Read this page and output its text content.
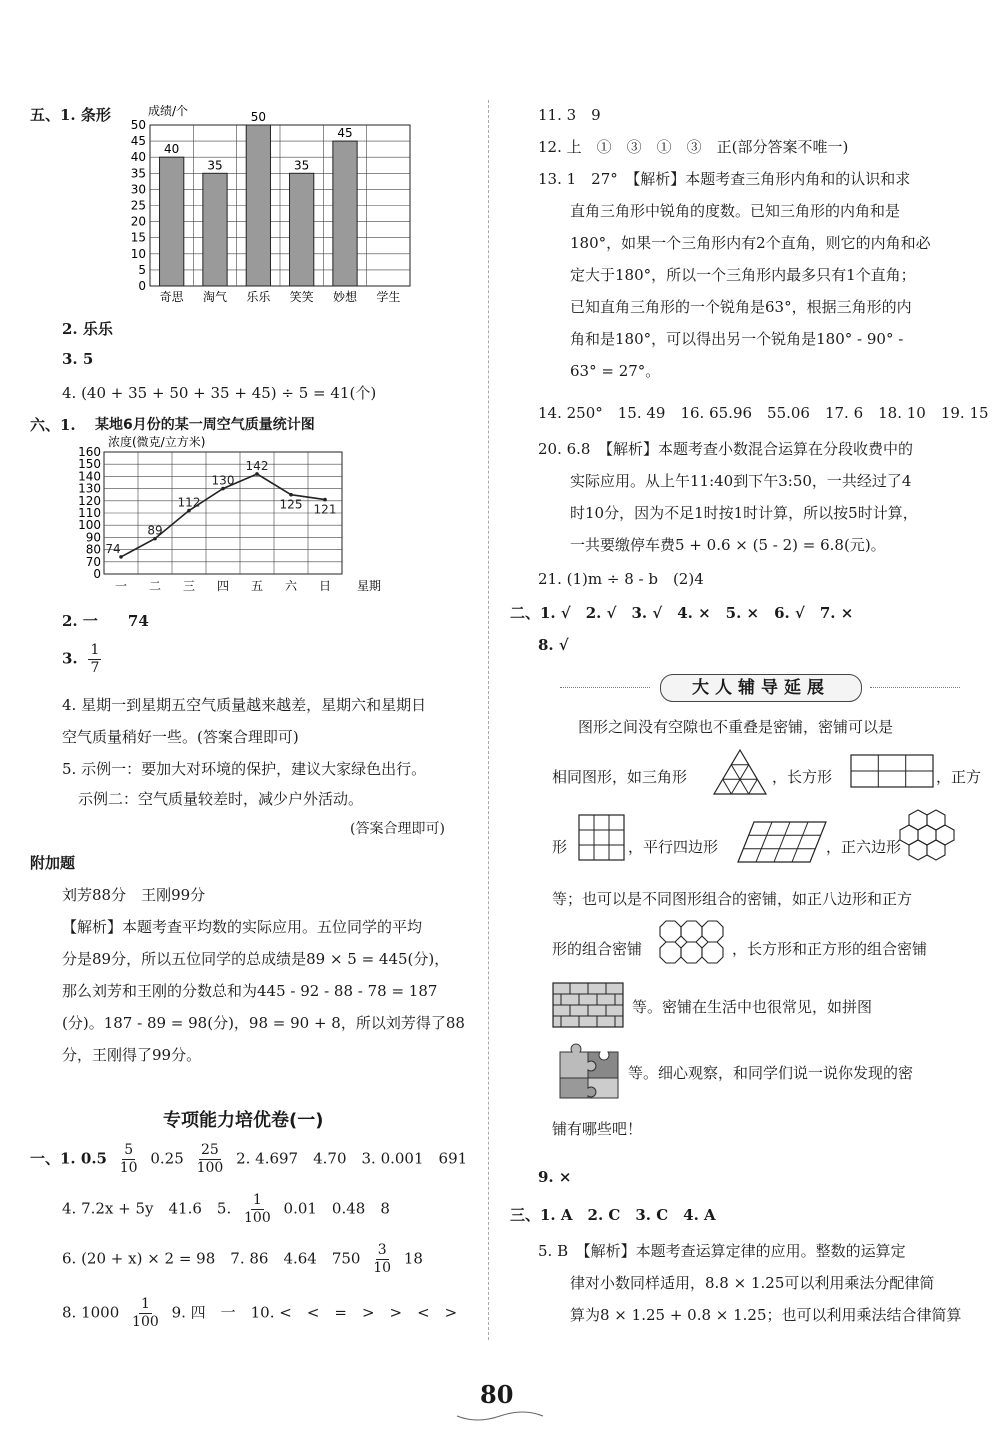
五、1. 条形	成绩/个
50
45
40
35
30
25
20
15
10
5
0
奇思 淘气 乐乐 笑笑 妙想 学生
40
35
50
35
45
2. 乐乐
3. 5
4. (40 + 35 + 50 + 35 + 45) ÷ 5 = 41(个)
六、1. 某地6月份的某一周空气质量统计图
浓度(微克/立方米)
160
150
140
130
120
110
100
90
80
70
0
一 二 三 四 五 六 日 星期
74
89
112
130
142
125 121
2. 一　　74
3. $\frac{1}{7}$
4. 星期一到星期五空气质量越来越差，星期六和星期日
空气质量稍好一些。(答案合理即可)
5. 示例一：要加大对环境的保护，建议大家绿色出行。
示例二：空气质量较差时，减少户外活动。
(答案合理即可)
附加题
刘芳88分　王刚99分
【解析】本题考查平均数的实际应用。五位同学的平均
分是89分，所以五位同学的总成绩是89 × 5 = 445(分)，
那么刘芳和王刚的分数总和为445 - 92 - 88 - 78 = 187
(分)。187 - 89 = 98(分)，98 = 90 + 8，所以刘芳得了88
分，王刚得了99分。
专项能力培优卷(一)
一、1. $0.5 \frac{5}{10} 0.25 \frac{25}{100} 2$. 4.697　4.70　3. 0.001　691
4. 7.2x + 5y　41.6　5. $\frac{1}{100} 0.01$　0.48　8
6. (20 + x) × 2 = 98　7. 86　4.64　$750 \frac{3}{10} 18$
8. $1000 \frac{1}{100} 9$. 四　一　10. <　<　=　>　>　<　>
11. 3　9
12. 上　①　③　①　③　正(部分答案不唯一)
13. 1　27°　【解析】本题考查三角形内角和的认识和求
直角三角形中锐角的度数。已知三角形的内角和是
180°，如果一个三角形内有2个直角，则它的内角和必
定大于180°，所以一个三角形内最多只有1个直角；
已知直角三角形的一个锐角是63°，根据三角形的内
角和是180°，可以得出另一个锐角是180° - 90° -
63° = 27°。
14. 250°　15. 49　16. 65.96　55.06　17. 6　18. 10　19. 15
20. 6.8　【解析】本题考查小数混合运算在分段收费中的
实际应用。从上午11:40到下午3:50，一共经过了4
时10分，因为不足1时按1时计算，所以按5时计算，
一共要缴停车费5 + 0.6 × (5 - 2) = 6.8(元)。
21. (1)m ÷ 8 - b　(2)4
二、1. √　2. √　3. √　4. ×　5. ×　6. √　7. ×
8. √
大人辅导延展
图形之间没有空隙也不重叠是密铺，密铺可以是
相同图形，如三角形	，长方形	，正方
形	，平行四边形	，正六边形
等；也可以是不同图形组合的密铺，如正八边形和正方
形的组合密铺	，长方形和正方形的组合密铺
等。密铺在生活中也很常见，如拼图
等。细心观察，和同学们说一说你发现的密
铺有哪些吧！
9. ×
三、1. A　2. C　3. C　4. A
5. B　【解析】本题考查运算定律的应用。整数的运算定
律对小数同样适用，8.8 × 1.25可以利用乘法分配律简
算为8 × 1.25 + 0.8 × 1.25；也可以利用乘法结合律简算
80
